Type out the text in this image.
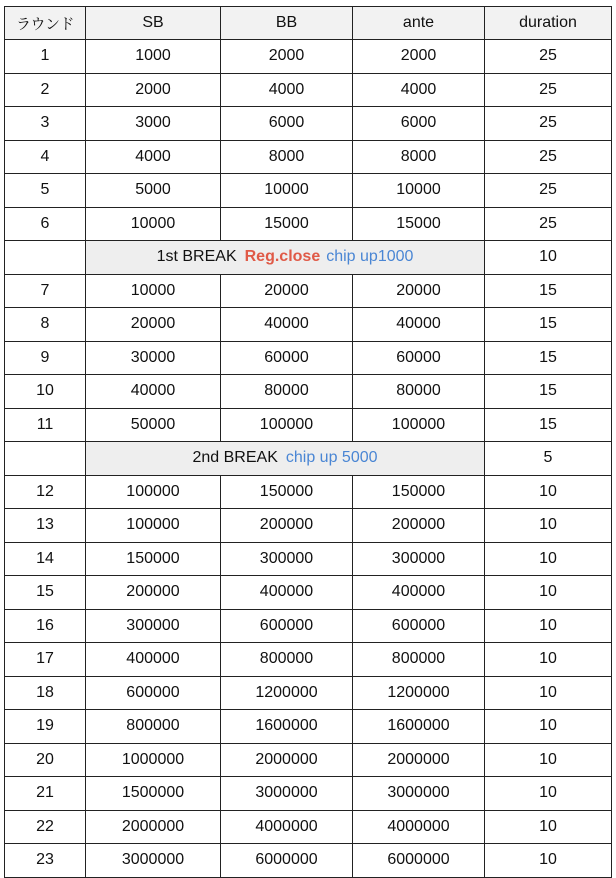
ラウンド	SB	BB	ante	duration
1	1000	2000	2000	25
2	2000	4000	4000	25
3	3000	6000	6000	25
4	4000	8000	8000	25
5	5000	10000	10000	25
6	10000	15000	15000	25
	1st BREAK Reg.close chip up1000			10
7	10000	20000	20000	15
8	20000	40000	40000	15
9	30000	60000	60000	15
10	40000	80000	80000	15
11	50000	100000	100000	15
	2nd BREAK chip up 5000			5
12	100000	150000	150000	10
13	100000	200000	200000	10
14	150000	300000	300000	10
15	200000	400000	400000	10
16	300000	600000	600000	10
17	400000	800000	800000	10
18	600000	1200000	1200000	10
19	800000	1600000	1600000	10
20	1000000	2000000	2000000	10
21	1500000	3000000	3000000	10
22	2000000	4000000	4000000	10
23	3000000	6000000	6000000	10
